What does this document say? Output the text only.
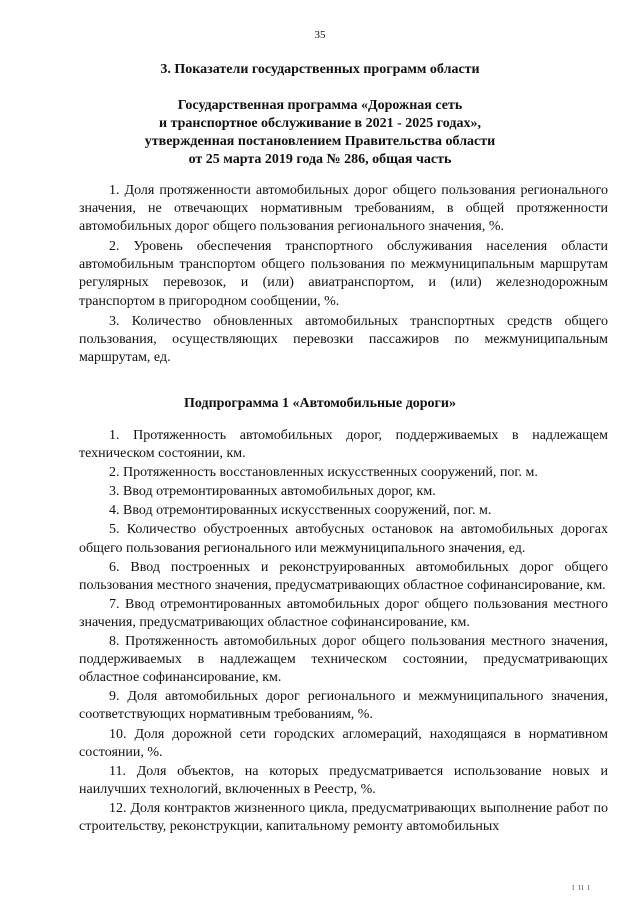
35
3. Показатели государственных программ области
Государственная программа «Дорожная сеть
и транспортное обслуживание в 2021 - 2025 годах»,
утвержденная постановлением Правительства области
от 25 марта 2019 года № 286, общая часть

1. Доля протяженности автомобильных дорог общего пользования регионального значения, не отвечающих нормативным требованиям, в общей протяженности автомобильных дорог общего пользования регионального значения, %.

2. Уровень обеспечения транспортного обслуживания населения области автомобильным транспортом общего пользования по межмуниципальным маршрутам регулярных перевозок, и (или) авиатранспортом, и (или) железнодорожным транспортом в пригородном сообщении, %.

3. Количество обновленных автомобильных транспортных средств общего пользования, осуществляющих перевозки пассажиров по межмуниципальным маршрутам, ед.

Подпрограмма 1 «Автомобильные дороги»

1. Протяженность автомобильных дорог, поддерживаемых в надлежащем техническом состоянии, км.

2. Протяженность восстановленных искусственных сооружений, пог. м.

3. Ввод отремонтированных автомобильных дорог, км.

4. Ввод отремонтированных искусственных сооружений, пог. м.

5. Количество обустроенных автобусных остановок на автомобильных дорогах общего пользования регионального или межмуниципального значения, ед.

6. Ввод построенных и реконструированных автомобильных дорог общего пользования местного значения, предусматривающих областное софинансирование, км.

7. Ввод отремонтированных автомобильных дорог общего пользования местного значения, предусматривающих областное софинансирование, км.

8. Протяженность автомобильных дорог общего пользования местного значения, поддерживаемых в надлежащем техническом состоянии, предусматривающих областное софинансирование, км.

9. Доля автомобильных дорог регионального и межмуниципального значения, соответствующих нормативным требованиям, %.

10. Доля дорожной сети городских агломераций, находящаяся в нормативном состоянии, %.

11. Доля объектов, на которых предусматривается использование новых и наилучших технологий, включенных в Реестр, %.

12. Доля контрактов жизненного цикла, предусматривающих выполнение работ по строительству, реконструкции, капитальному ремонту автомобильных

I II I
